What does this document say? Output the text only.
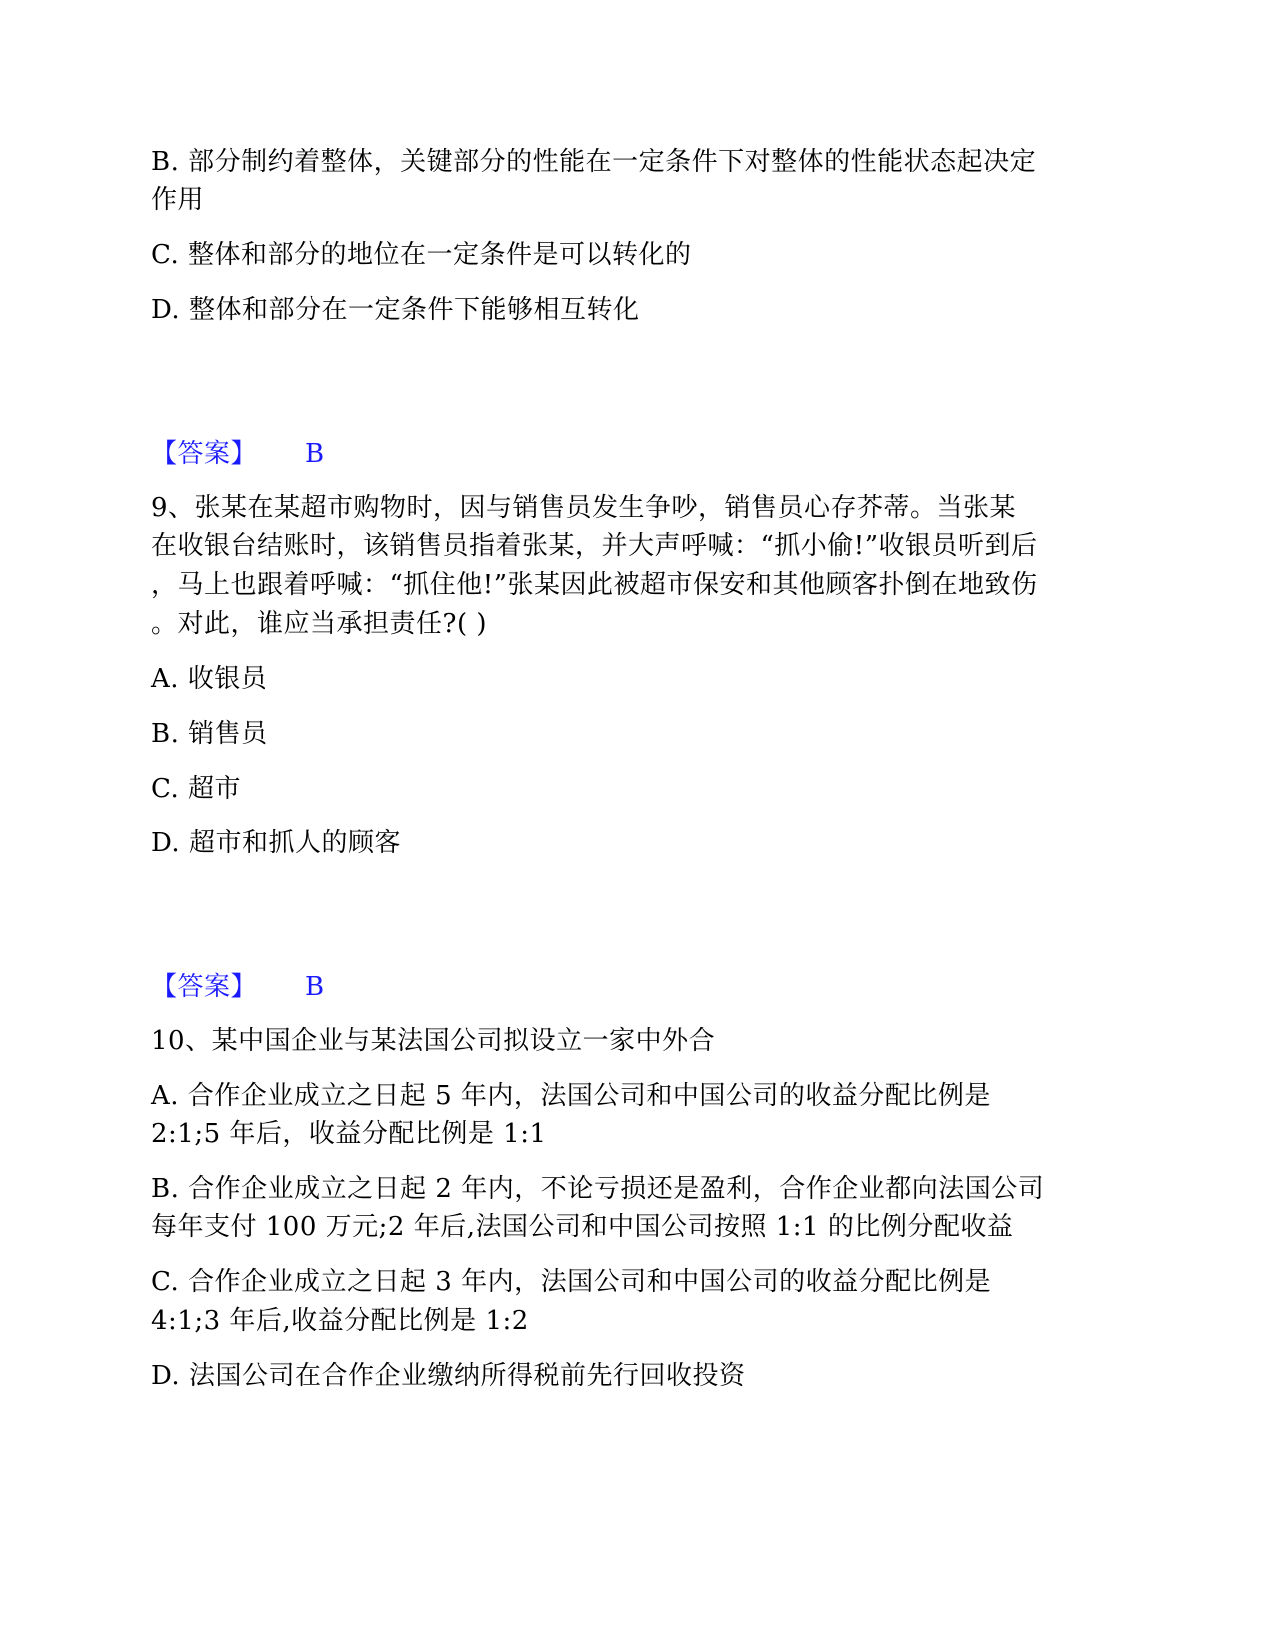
B. 部分制约着整体，关键部分的性能在一定条件下对整体的性能状态起决定
作用
C. 整体和部分的地位在一定条件是可以转化的
D. 整体和部分在一定条件下能够相互转化
【答案】 B
9、张某在某超市购物时，因与销售员发生争吵，销售员心存芥蒂。当张某
在收银台结账时，该销售员指着张某，并大声呼喊：“抓小偷!”收银员听到后
，马上也跟着呼喊：“抓住他!”张某因此被超市保安和其他顾客扑倒在地致伤
。对此，谁应当承担责任?( )
A. 收银员
B. 销售员
C. 超市
D. 超市和抓人的顾客
【答案】 B
10、某中国企业与某法国公司拟设立一家中外合
A. 合作企业成立之日起 5 年内，法国公司和中国公司的收益分配比例是
2:1;5 年后，收益分配比例是 1:1
B. 合作企业成立之日起 2 年内，不论亏损还是盈利，合作企业都向法国公司
每年支付 100 万元;2 年后,法国公司和中国公司按照 1:1 的比例分配收益
C. 合作企业成立之日起 3 年内，法国公司和中国公司的收益分配比例是
4:1;3 年后,收益分配比例是 1:2
D. 法国公司在合作企业缴纳所得税前先行回收投资
